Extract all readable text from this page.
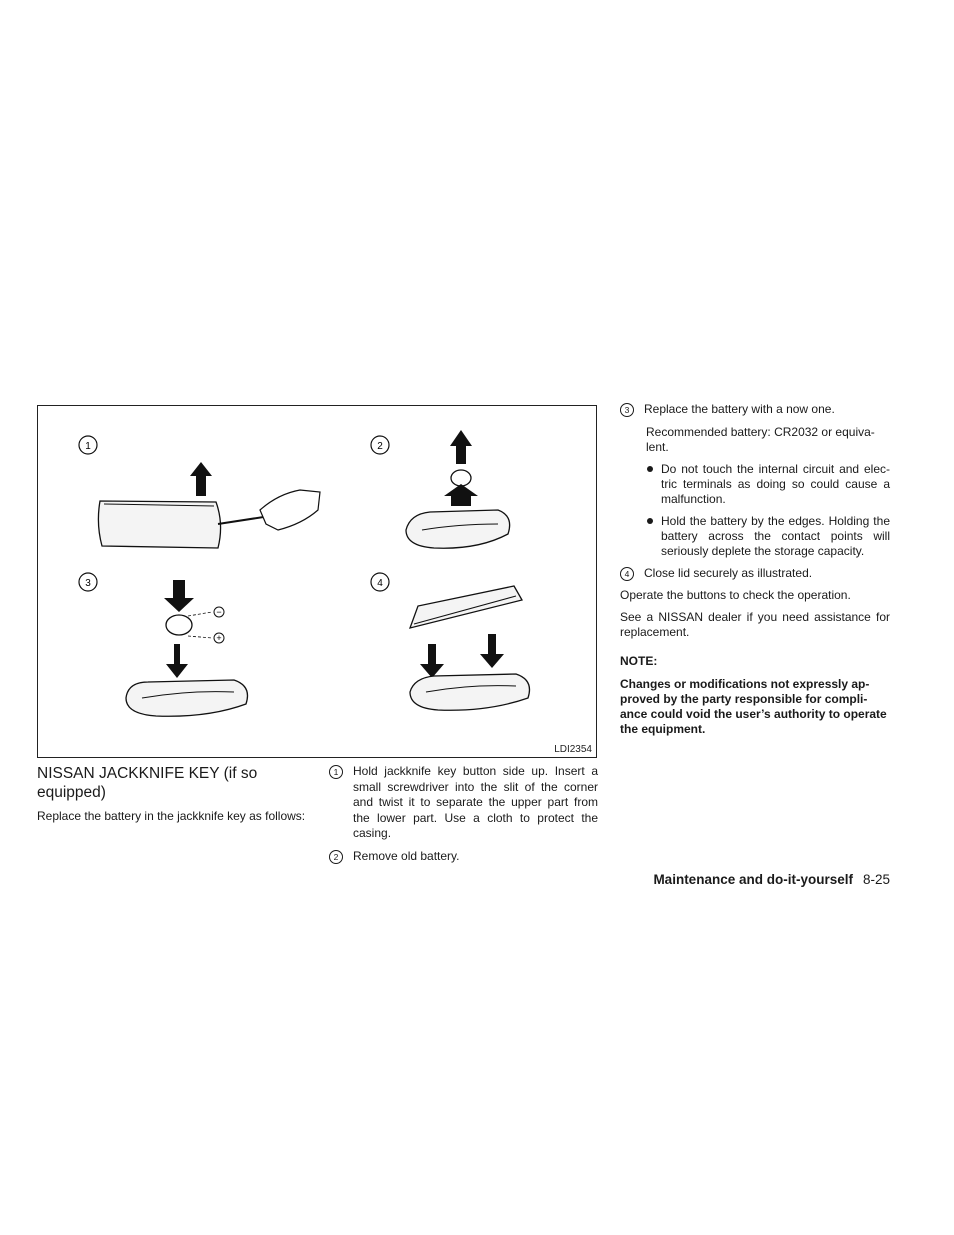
1	2
3
−
+
4
LDI2354
NISSAN JACKKNIFE KEY (if so equipped)

Replace the battery in the jackknife key as follows:

1	Hold jackknife key button side up. Insert a small screwdriver into the slit of the corner and twist it to separate the upper part from the lower part. Use a cloth to protect the casing.
2	Remove old battery.
3	Replace the battery with a now one.

Recommended battery: CR2032 or equivalent.

Do not touch the internal circuit and electric terminals as doing so could cause a malfunction.
Hold the battery by the edges. Holding the battery across the contact points will seriously deplete the storage capacity.
4	Close lid securely as illustrated.

Operate the buttons to check the operation.

See a NISSAN dealer if you need assistance for replacement.

NOTE:

Changes or modifications not expressly approved by the party responsible for compliance could void the user’s authority to operate the equipment.

Maintenance and do-it-yourself 8-25
